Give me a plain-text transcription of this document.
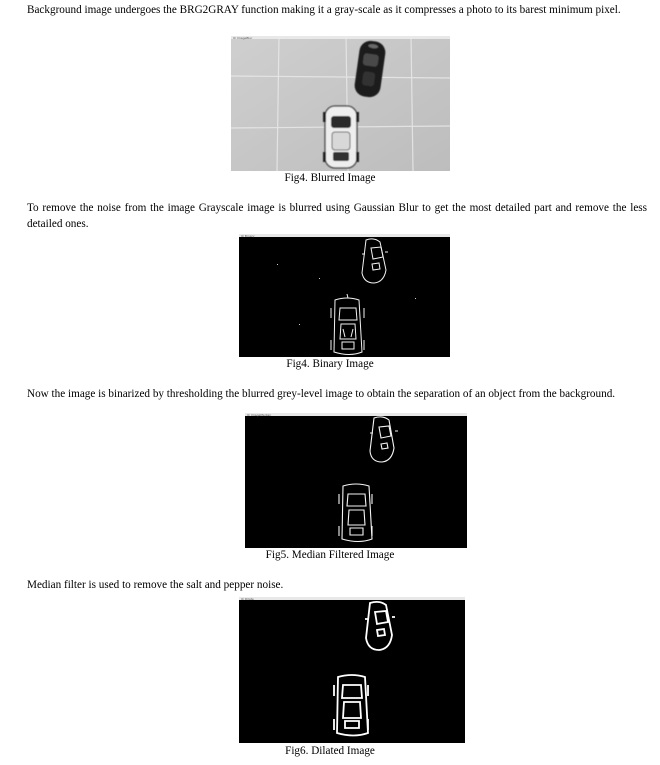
Background image undergoes the BRG2GRAY function making it a gray-scale as it compresses a photo to its barest minimum pixel.

IC ImageBlur
Fig4. Blurred Image

To remove the noise from the image Grayscale image is blurred using Gaussian Blur to get the most detailed part and remove the less detailed ones.

IC Binary
Fig4. Binary Image

Now the image is binarized by thresholding the blurred grey-level image to obtain the separation of an object from the background.

IC ImageMedian
Fig5. Median Filtered Image

Median filter is used to remove the salt and pepper noise.

IC Dilate
Fig6. Dilated Image
